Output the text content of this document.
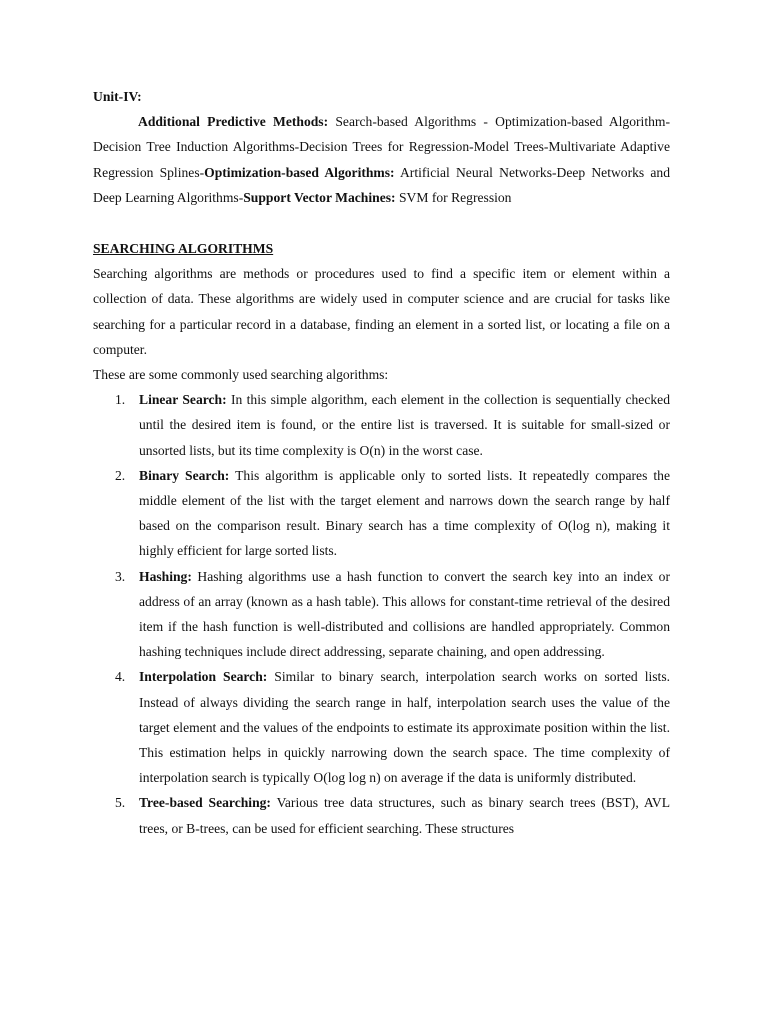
Unit-IV:

Additional Predictive Methods: Search-based Algorithms - Optimization-based Algorithm- Decision Tree Induction Algorithms-Decision Trees for Regression-Model Trees-Multivariate Adaptive Regression Splines-Optimization-based Algorithms: Artificial Neural Networks-Deep Networks and Deep Learning Algorithms-Support Vector Machines: SVM for Regression

SEARCHING ALGORITHMS

Searching algorithms are methods or procedures used to find a specific item or element within a collection of data. These algorithms are widely used in computer science and are crucial for tasks like searching for a particular record in a database, finding an element in a sorted list, or locating a file on a computer.

These are some commonly used searching algorithms:

1. Linear Search: In this simple algorithm, each element in the collection is sequentially checked until the desired item is found, or the entire list is traversed. It is suitable for small-sized or unsorted lists, but its time complexity is O(n) in the worst case.
2. Binary Search: This algorithm is applicable only to sorted lists. It repeatedly compares the middle element of the list with the target element and narrows down the search range by half based on the comparison result. Binary search has a time complexity of O(log n), making it highly efficient for large sorted lists.
3. Hashing: Hashing algorithms use a hash function to convert the search key into an index or address of an array (known as a hash table). This allows for constant-time retrieval of the desired item if the hash function is well-distributed and collisions are handled appropriately. Common hashing techniques include direct addressing, separate chaining, and open addressing.
4. Interpolation Search: Similar to binary search, interpolation search works on sorted lists. Instead of always dividing the search range in half, interpolation search uses the value of the target element and the values of the endpoints to estimate its approximate position within the list. This estimation helps in quickly narrowing down the search space. The time complexity of interpolation search is typically O(log log n) on average if the data is uniformly distributed.
5. Tree-based Searching: Various tree data structures, such as binary search trees (BST), AVL trees, or B-trees, can be used for efficient searching. These structures
